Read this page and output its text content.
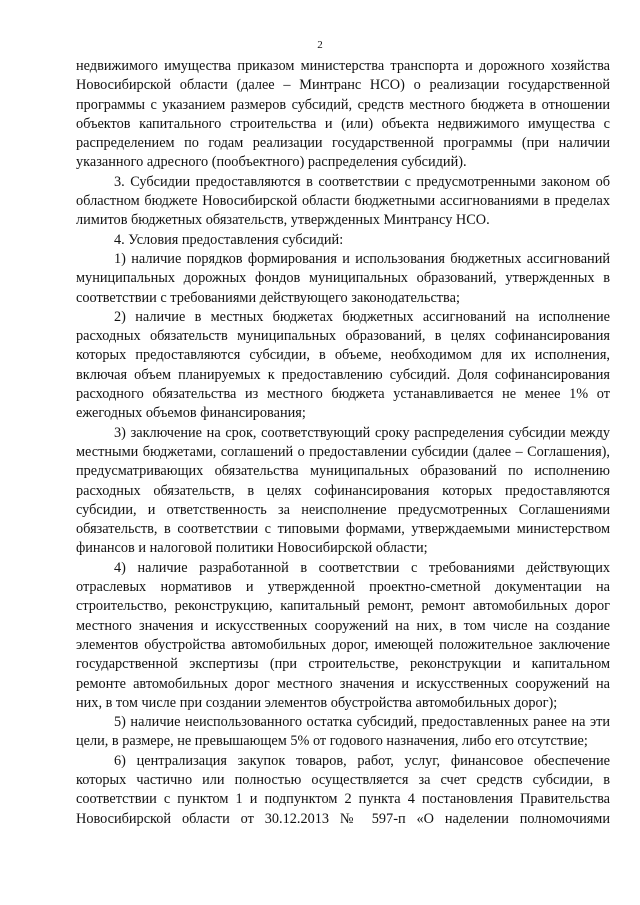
2

недвижимого имущества приказом министерства транспорта и дорожного хозяйства Новосибирской области (далее – Минтранс НСО) о реализации государственной программы с указанием размеров субсидий, средств местного бюджета в отношении объектов капитального строительства и (или) объекта недвижимого имущества с распределением по годам реализации государственной программы (при наличии указанного адресного (пообъектного) распределения субсидий).

3. Субсидии предоставляются в соответствии с предусмотренными законом об областном бюджете Новосибирской области бюджетными ассигнованиями в пределах лимитов бюджетных обязательств, утвержденных Минтрансу НСО.

4. Условия предоставления субсидий:

1) наличие порядков формирования и использования бюджетных ассигнований муниципальных дорожных фондов муниципальных образований, утвержденных в соответствии с требованиями действующего законодательства;

2) наличие в местных бюджетах бюджетных ассигнований на исполнение расходных обязательств муниципальных образований, в целях софинансирования которых предоставляются субсидии, в объеме, необходимом для их исполнения, включая объем планируемых к предоставлению субсидий. Доля софинансирования расходного обязательства из местного бюджета устанавливается не менее 1% от ежегодных объемов финансирования;

3) заключение на срок, соответствующий сроку распределения субсидии между местными бюджетами, соглашений о предоставлении субсидии (далее – Соглашения), предусматривающих обязательства муниципальных образований по исполнению расходных обязательств, в целях софинансирования которых предоставляются субсидии, и ответственность за неисполнение предусмотренных Соглашениями обязательств, в соответствии с типовыми формами, утверждаемыми министерством финансов и налоговой политики Новосибирской области;

4) наличие разработанной в соответствии с требованиями действующих отраслевых нормативов и утвержденной проектно-сметной документации на строительство, реконструкцию, капитальный ремонт, ремонт автомобильных дорог местного значения и искусственных сооружений на них, в том числе на создание элементов обустройства автомобильных дорог, имеющей положительное заключение государственной экспертизы (при строительстве, реконструкции и капитальном ремонте автомобильных дорог местного значения и искусственных сооружений на них, в том числе при создании элементов обустройства автомобильных дорог);

5) наличие неиспользованного остатка субсидий, предоставленных ранее на эти цели, в размере, не превышающем 5% от годового назначения, либо его отсутствие;

6) централизация закупок товаров, работ, услуг, финансовое обеспечение которых частично или полностью осуществляется за счет средств субсидии, в соответствии с пунктом 1 и подпунктом 2 пункта 4 постановления Правительства Новосибирской области от 30.12.2013 № 597-п «О наделении полномочиями
